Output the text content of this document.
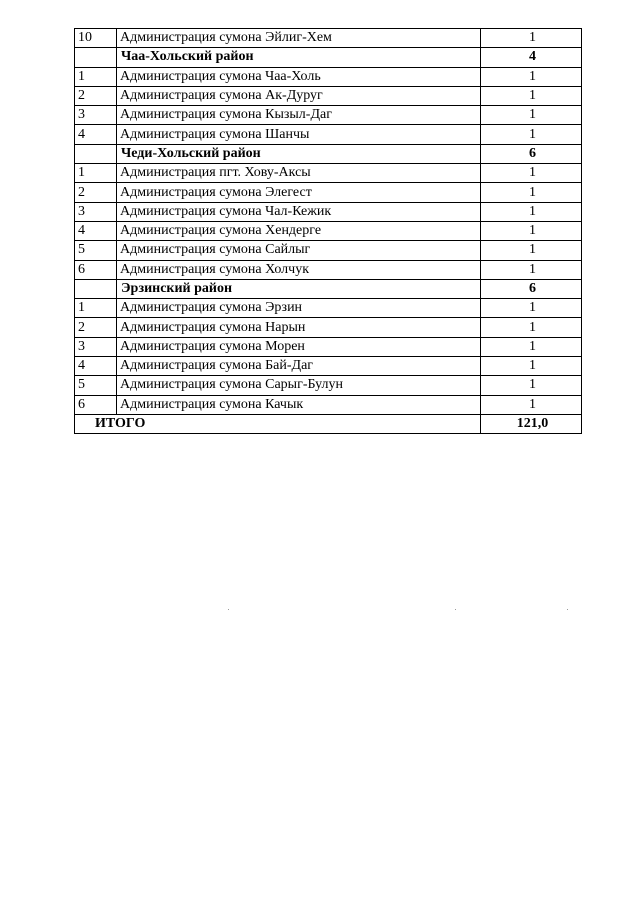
10	Администрация сумона Эйлиг-Хем	1
	Чаа-Хольский район	4
1	Администрация сумона Чаа-Холь	1
2	Администрация сумона Ак-Дуруг	1
3	Администрация сумона Кызыл-Даг	1
4	Администрация сумона Шанчы	1
	Чеди-Хольский район	6
1	Администрация пгт. Хову-Аксы	1
2	Администрация сумона Элегест	1
3	Администрация сумона Чал-Кежик	1
4	Администрация сумона Хендерге	1
5	Администрация сумона Сайлыг	1
6	Администрация сумона Холчук	1
	Эрзинский район	6
1	Администрация сумона Эрзин	1
2	Администрация сумона Нарын	1
3	Администрация сумона Морен	1
4	Администрация сумона Бай-Даг	1
5	Администрация сумона Сарыг-Булун	1
6	Администрация сумона Качык	1
ИТОГО		121,0
